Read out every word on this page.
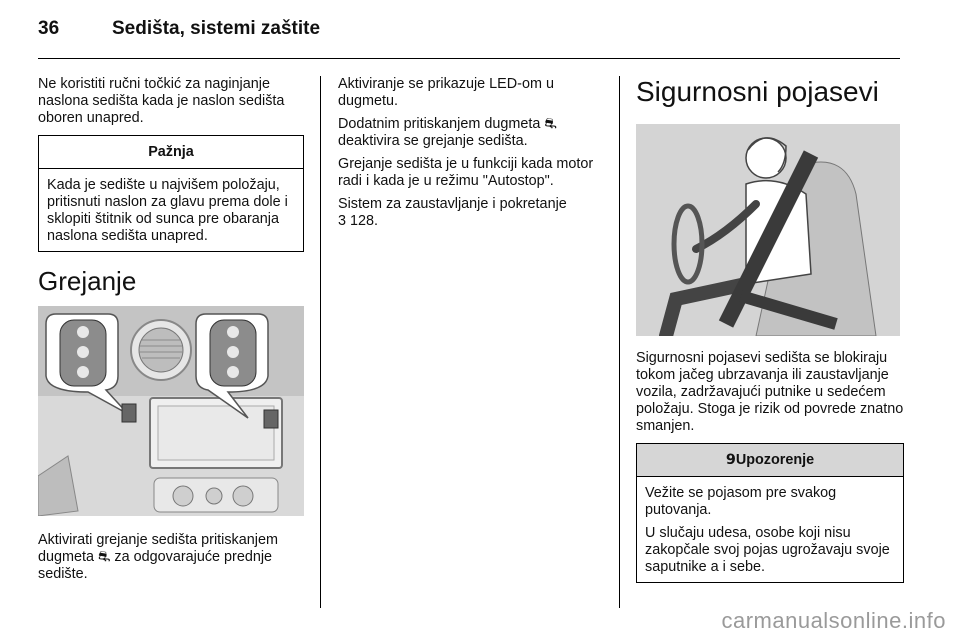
36	Sedišta, sistemi zaštite

Ne koristiti ručni točkić za naginjanje naslona sedišta kada je naslon sedišta oboren unapred.

Pažnja
Kada je sedište u najvišem položaju, pritisnuti naslon za glavu prema dole i sklopiti štitnik od sunca pre obaranja naslona sedišta unapred.
Grejanje

Aktivirati grejanje sedišta pritiskanjem dugmeta ⛐ za odgovarajuće prednje sedište.

Aktiviranje se prikazuje LED-om u dugmetu.

Dodatnim pritiskanjem dugmeta ⛐ deaktivira se grejanje sedišta.

Grejanje sedišta je u funkciji kada motor radi i kada je u režimu "Autostop".

Sistem za zaustavljanje i pokretanje
3 128.

Sigurnosni pojasevi

Sigurnosni pojasevi sedišta se blokiraju tokom jačeg ubrzavanja ili zaustavljanje vozila, zadržavajući putnike u sedećem položaju. Stoga je rizik od povrede znatno smanjen.

9Upozorenje

Vežite se pojasom pre svakog putovanja.

U slučaju udesa, osobe koji nisu zakopčale svoj pojas ugrožavaju svoje saputnike a i sebe.

carmanualsonline.info
